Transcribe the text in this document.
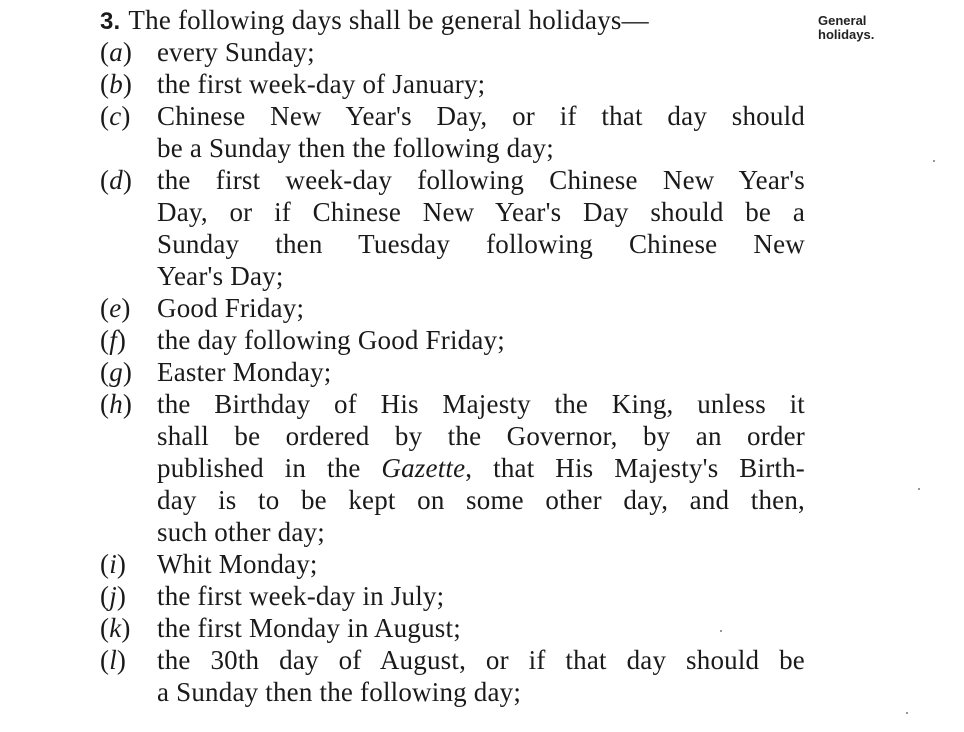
3. The following days shall be general holidays—
(a) every Sunday;
(b) the first week-day of January;
(c) Chinese New Year's Day, or if that day should
be a Sunday then the following day;
(d) the first week-day following Chinese New Year's
Day, or if Chinese New Year's Day should be a
Sunday then Tuesday following Chinese New
Year's Day;
(e) Good Friday;
(f)	the day following Good Friday;
(g) Easter Monday;
(h) the Birthday of His Majesty the King, unless it
shall be ordered by the Governor, by an order
published in the Gazette, that His Majesty's Birth-
day is to be kept on some other day, and then,
such other day;
(i)	Whit Monday;
(j)	the first week-day in July;
(k) the first Monday in August;
(l)	the 30th day of August, or if that day should be
a Sunday then the following day;
General
holidays.
